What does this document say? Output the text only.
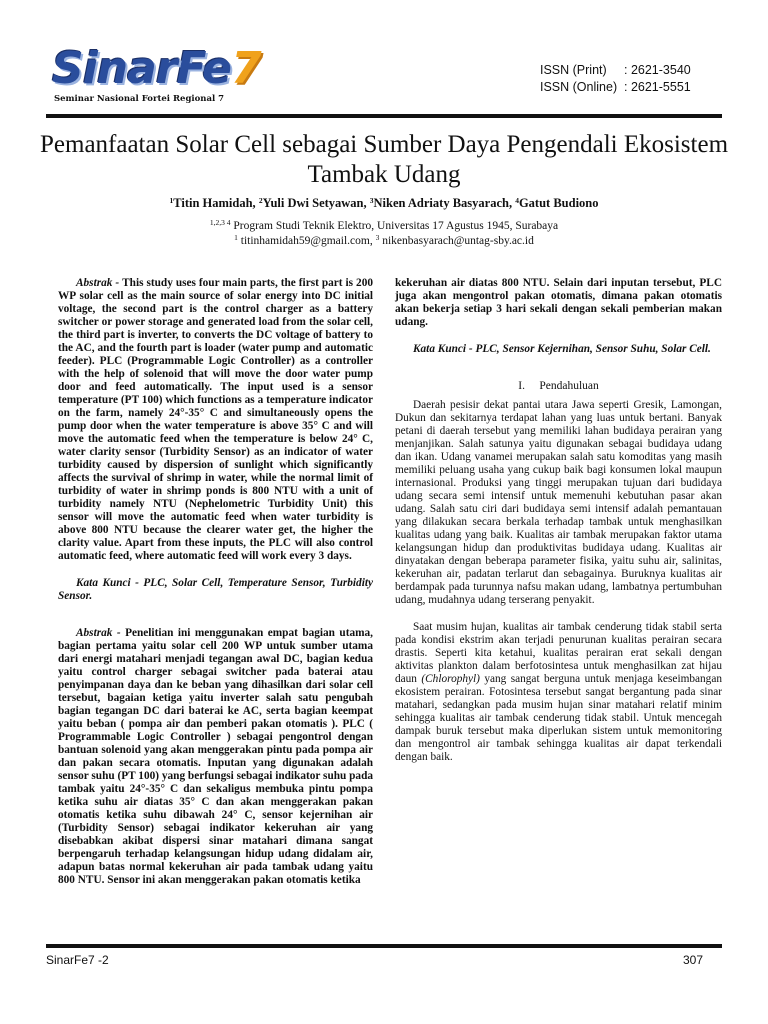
SinarFe7
Seminar Nasional Fortei Regional 7
ISSN (Print) : 2621-3540
ISSN (Online) : 2621-5551
Pemanfaatan Solar Cell sebagai Sumber Daya Pengendali Ekosistem Tambak Udang
$^1$Titin Hamidah, $^2$Yuli Dwi Setyawan, $^3$Niken Adriaty Basyarach, $^4$Gatut Budiono
$^{1,2,3 4}$ Program Studi Teknik Elektro, Universitas 17 Agustus 1945, Surabaya
$^1$ titinhamidah59@gmail.com, $^3$ nikenbasyarach@untag-sby.ac.id

Abstrak - This study uses four main parts, the first part is 200 WP solar cell as the main source of solar energy into DC initial voltage, the second part is the control charger as a battery switcher or power storage and generated load from the solar cell, the third part is inverter, to converts the DC voltage of battery to the AC, and the fourth part is loader (water pump and automatic feeder). PLC (Programmable Logic Controller) as a controller with the help of solenoid that will move the door water pump door and feed automatically. The input used is a sensor temperature (PT 100) which functions as a temperature indicator on the farm, namely 24°-35° C and simultaneously opens the pump door when the water temperature is above 35° C and will move the automatic feed when the temperature is below 24° C, water clarity sensor (Turbidity Sensor) as an indicator of water turbidity caused by dispersion of sunlight which significantly affects the survival of shrimp in water, while the normal limit of turbidity of water in shrimp ponds is 800 NTU with a unit of turbidity namely NTU (Nephelometric Turbidity Unit) this sensor will move the automatic feed when water turbidity is above 800 NTU because the clearer water get, the higher the clarity value. Apart from these inputs, the PLC will also control automatic feed, where automatic feed will work every 3 days.

Kata Kunci - PLC, Solar Cell, Temperature Sensor, Turbidity Sensor.

Abstrak - Penelitian ini menggunakan empat bagian utama, bagian pertama yaitu solar cell 200 WP untuk sumber utama dari energi matahari menjadi tegangan awal DC, bagian kedua yaitu control charger sebagai switcher pada baterai atau penyimpanan daya dan ke beban yang dihasilkan dari solar cell tersebut, bagaian ketiga yaitu inverter salah satu pengubah bagian tegangan DC dari baterai ke AC, serta bagian keempat yaitu beban ( pompa air dan pemberi pakan otomatis ). PLC ( Programmable Logic Controller ) sebagai pengontrol dengan bantuan solenoid yang akan menggerakan pintu pada pompa air dan pakan secara otomatis. Inputan yang digunakan adalah sensor suhu (PT 100) yang berfungsi sebagai indikator suhu pada tambak yaitu 24°-35° C dan sekaligus membuka pintu pompa ketika suhu air diatas 35° C dan akan menggerakan pakan otomatis ketika suhu dibawah 24° C, sensor kejernihan air (Turbidity Sensor) sebagai indikator kekeruhan air yang disebabkan akibat dispersi sinar matahari dimana sangat berpengaruh terhadap kelangsungan hidup udang didalam air, adapun batas normal kekeruhan air pada tambak udang yaitu 800 NTU. Sensor ini akan menggerakan pakan otomatis ketika

kekeruhan air diatas 800 NTU. Selain dari inputan tersebut, PLC juga akan mengontrol pakan otomatis, dimana pakan otomatis akan bekerja setiap 3 hari sekali dengan sekali pemberian makan udang.

Kata Kunci - PLC, Sensor Kejernihan, Sensor Suhu, Solar Cell.

I. Pendahuluan

Daerah pesisir dekat pantai utara Jawa seperti Gresik, Lamongan, Dukun dan sekitarnya terdapat lahan yang luas untuk bertani. Banyak petani di daerah tersebut yang memiliki lahan budidaya perairan yang menjanjikan. Salah satunya yaitu digunakan sebagai budidaya udang dan ikan. Udang vanamei merupakan salah satu komoditas yang masih memiliki peluang usaha yang cukup baik bagi konsumen lokal maupun internasional. Produksi yang tinggi merupakan tujuan dari budidaya udang secara semi intensif untuk memenuhi kebutuhan pasar akan udang. Salah satu ciri dari budidaya semi intensif adalah pemantauan yang dilakukan secara berkala terhadap tambak untuk menghasilkan kualitas udang yang baik. Kualitas air tambak merupakan faktor utama kelangsungan hidup dan produktivitas budidaya udang. Kualitas air dinyatakan dengan beberapa parameter fisika, yaitu suhu air, salinitas, kekeruhan air, padatan terlarut dan sebagainya. Buruknya kualitas air berdampak pada turunnya nafsu makan udang, lambatnya pertumbuhan udang, mudahnya udang terserang penyakit.

Saat musim hujan, kualitas air tambak cenderung tidak stabil serta pada kondisi ekstrim akan terjadi penurunan kualitas perairan secara drastis. Seperti kita ketahui, kualitas perairan erat sekali dengan aktivitas plankton dalam berfotosintesa untuk menghasilkan zat hijau daun (Chlorophyl) yang sangat berguna untuk menjaga keseimbangan ekosistem perairan. Fotosintesa tersebut sangat bergantung pada sinar matahari, sedangkan pada musim hujan sinar matahari relatif minim sehingga kualitas air tambak cenderung tidak stabil. Untuk mencegah dampak buruk tersebut maka diperlukan sistem untuk memonitoring dan mengontrol air tambak sehingga kualitas air dapat terkendali dengan baik.

SinarFe7 -2	307
